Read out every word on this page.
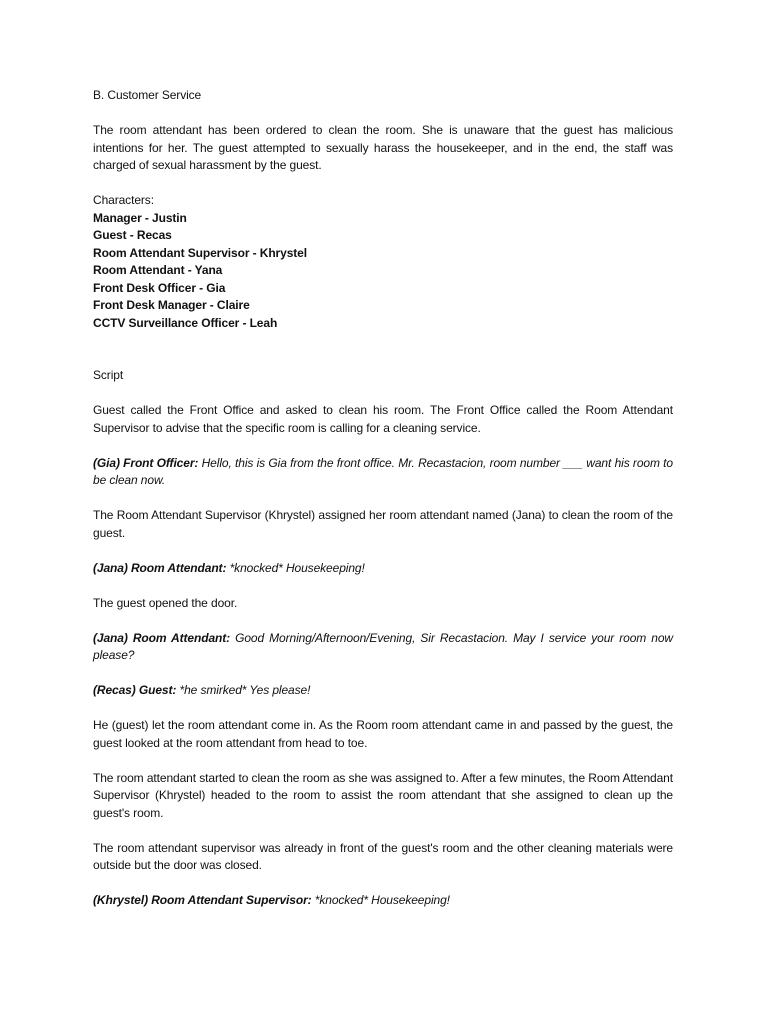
B. Customer Service

The room attendant has been ordered to clean the room. She is unaware that the guest has malicious intentions for her. The guest attempted to sexually harass the housekeeper, and in the end, the staff was charged of sexual harassment by the guest.

Characters:

Manager - Justin
Guest - Recas
Room Attendant Supervisor - Khrystel
Room Attendant - Yana
Front Desk Officer - Gia
Front Desk Manager - Claire
CCTV Surveillance Officer - Leah

Script

Guest called the Front Office and asked to clean his room. The Front Office called the Room Attendant Supervisor to advise that the specific room is calling for a cleaning service.

(Gia) Front Officer: Hello, this is Gia from the front office. Mr. Recastacion, room number ___ want his room to be clean now.

The Room Attendant Supervisor (Khrystel) assigned her room attendant named (Jana) to clean the room of the guest.

(Jana) Room Attendant: *knocked* Housekeeping!

The guest opened the door.

(Jana) Room Attendant: Good Morning/Afternoon/Evening, Sir Recastacion. May I service your room now please?

(Recas) Guest: *he smirked* Yes please!

He (guest) let the room attendant come in. As the Room room attendant came in and passed by the guest, the guest looked at the room attendant from head to toe.

The room attendant started to clean the room as she was assigned to. After a few minutes, the Room Attendant Supervisor (Khrystel) headed to the room to assist the room attendant that she assigned to clean up the guest's room.

The room attendant supervisor was already in front of the guest's room and the other cleaning materials were outside but the door was closed.

(Khrystel) Room Attendant Supervisor: *knocked* Housekeeping!
